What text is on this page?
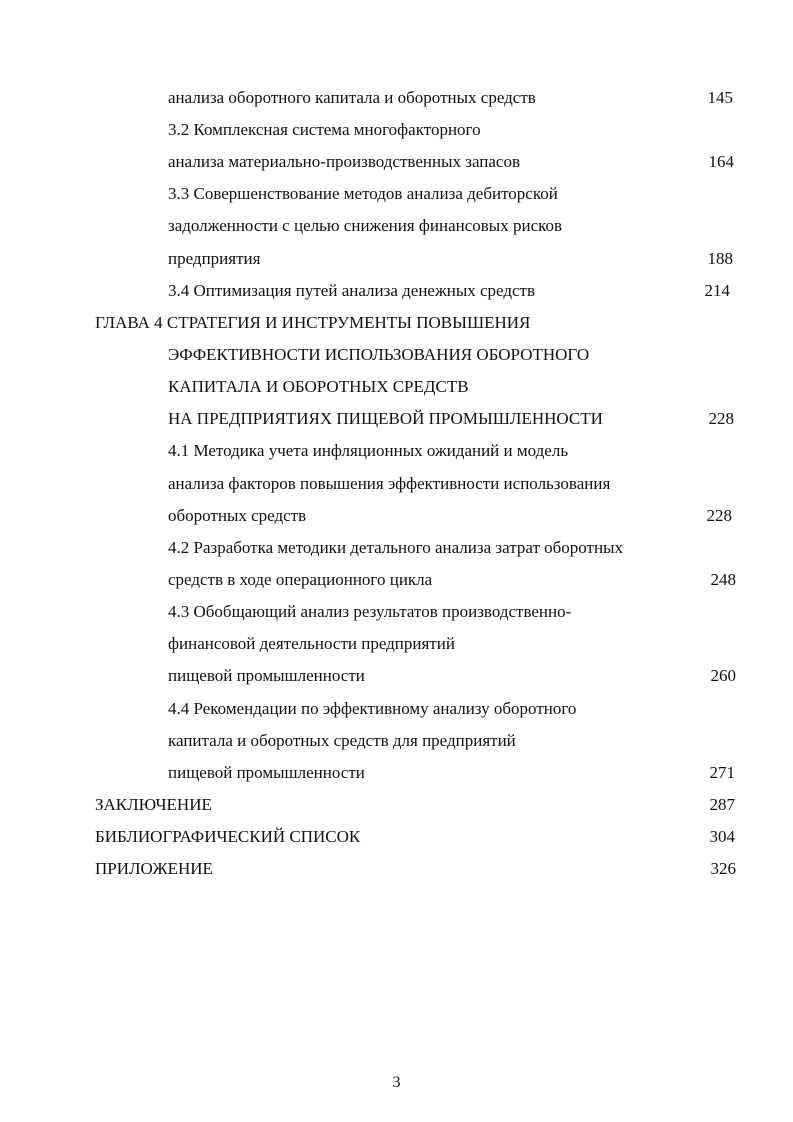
анализа оборотного капитала и оборотных средств	145
3.2 Комплексная система многофакторного
анализа материально-производственных запасов	164
3.3 Совершенствование методов анализа дебиторской
задолженности с целью снижения финансовых рисков
предприятия	188
3.4 Оптимизация путей анализа денежных средств	214
ГЛАВА 4 СТРАТЕГИЯ И ИНСТРУМЕНТЫ ПОВЫШЕНИЯ
ЭФФЕКТИВНОСТИ ИСПОЛЬЗОВАНИЯ ОБОРОТНОГО
КАПИТАЛА И ОБОРОТНЫХ СРЕДСТВ
НА ПРЕДПРИЯТИЯХ ПИЩЕВОЙ ПРОМЫШЛЕННОСТИ	228
4.1 Методика учета инфляционных ожиданий и модель
анализа факторов повышения эффективности использования
оборотных средств	228
4.2 Разработка методики детального анализа затрат оборотных
средств в ходе операционного цикла	248
4.3 Обобщающий анализ результатов производственно-
финансовой деятельности предприятий
пищевой промышленности	260
4.4 Рекомендации по эффективному анализу оборотного
капитала и оборотных средств для предприятий
пищевой промышленности	271
ЗАКЛЮЧЕНИЕ	287
БИБЛИОГРАФИЧЕСКИЙ СПИСОК	304
ПРИЛОЖЕНИЕ	326
3
